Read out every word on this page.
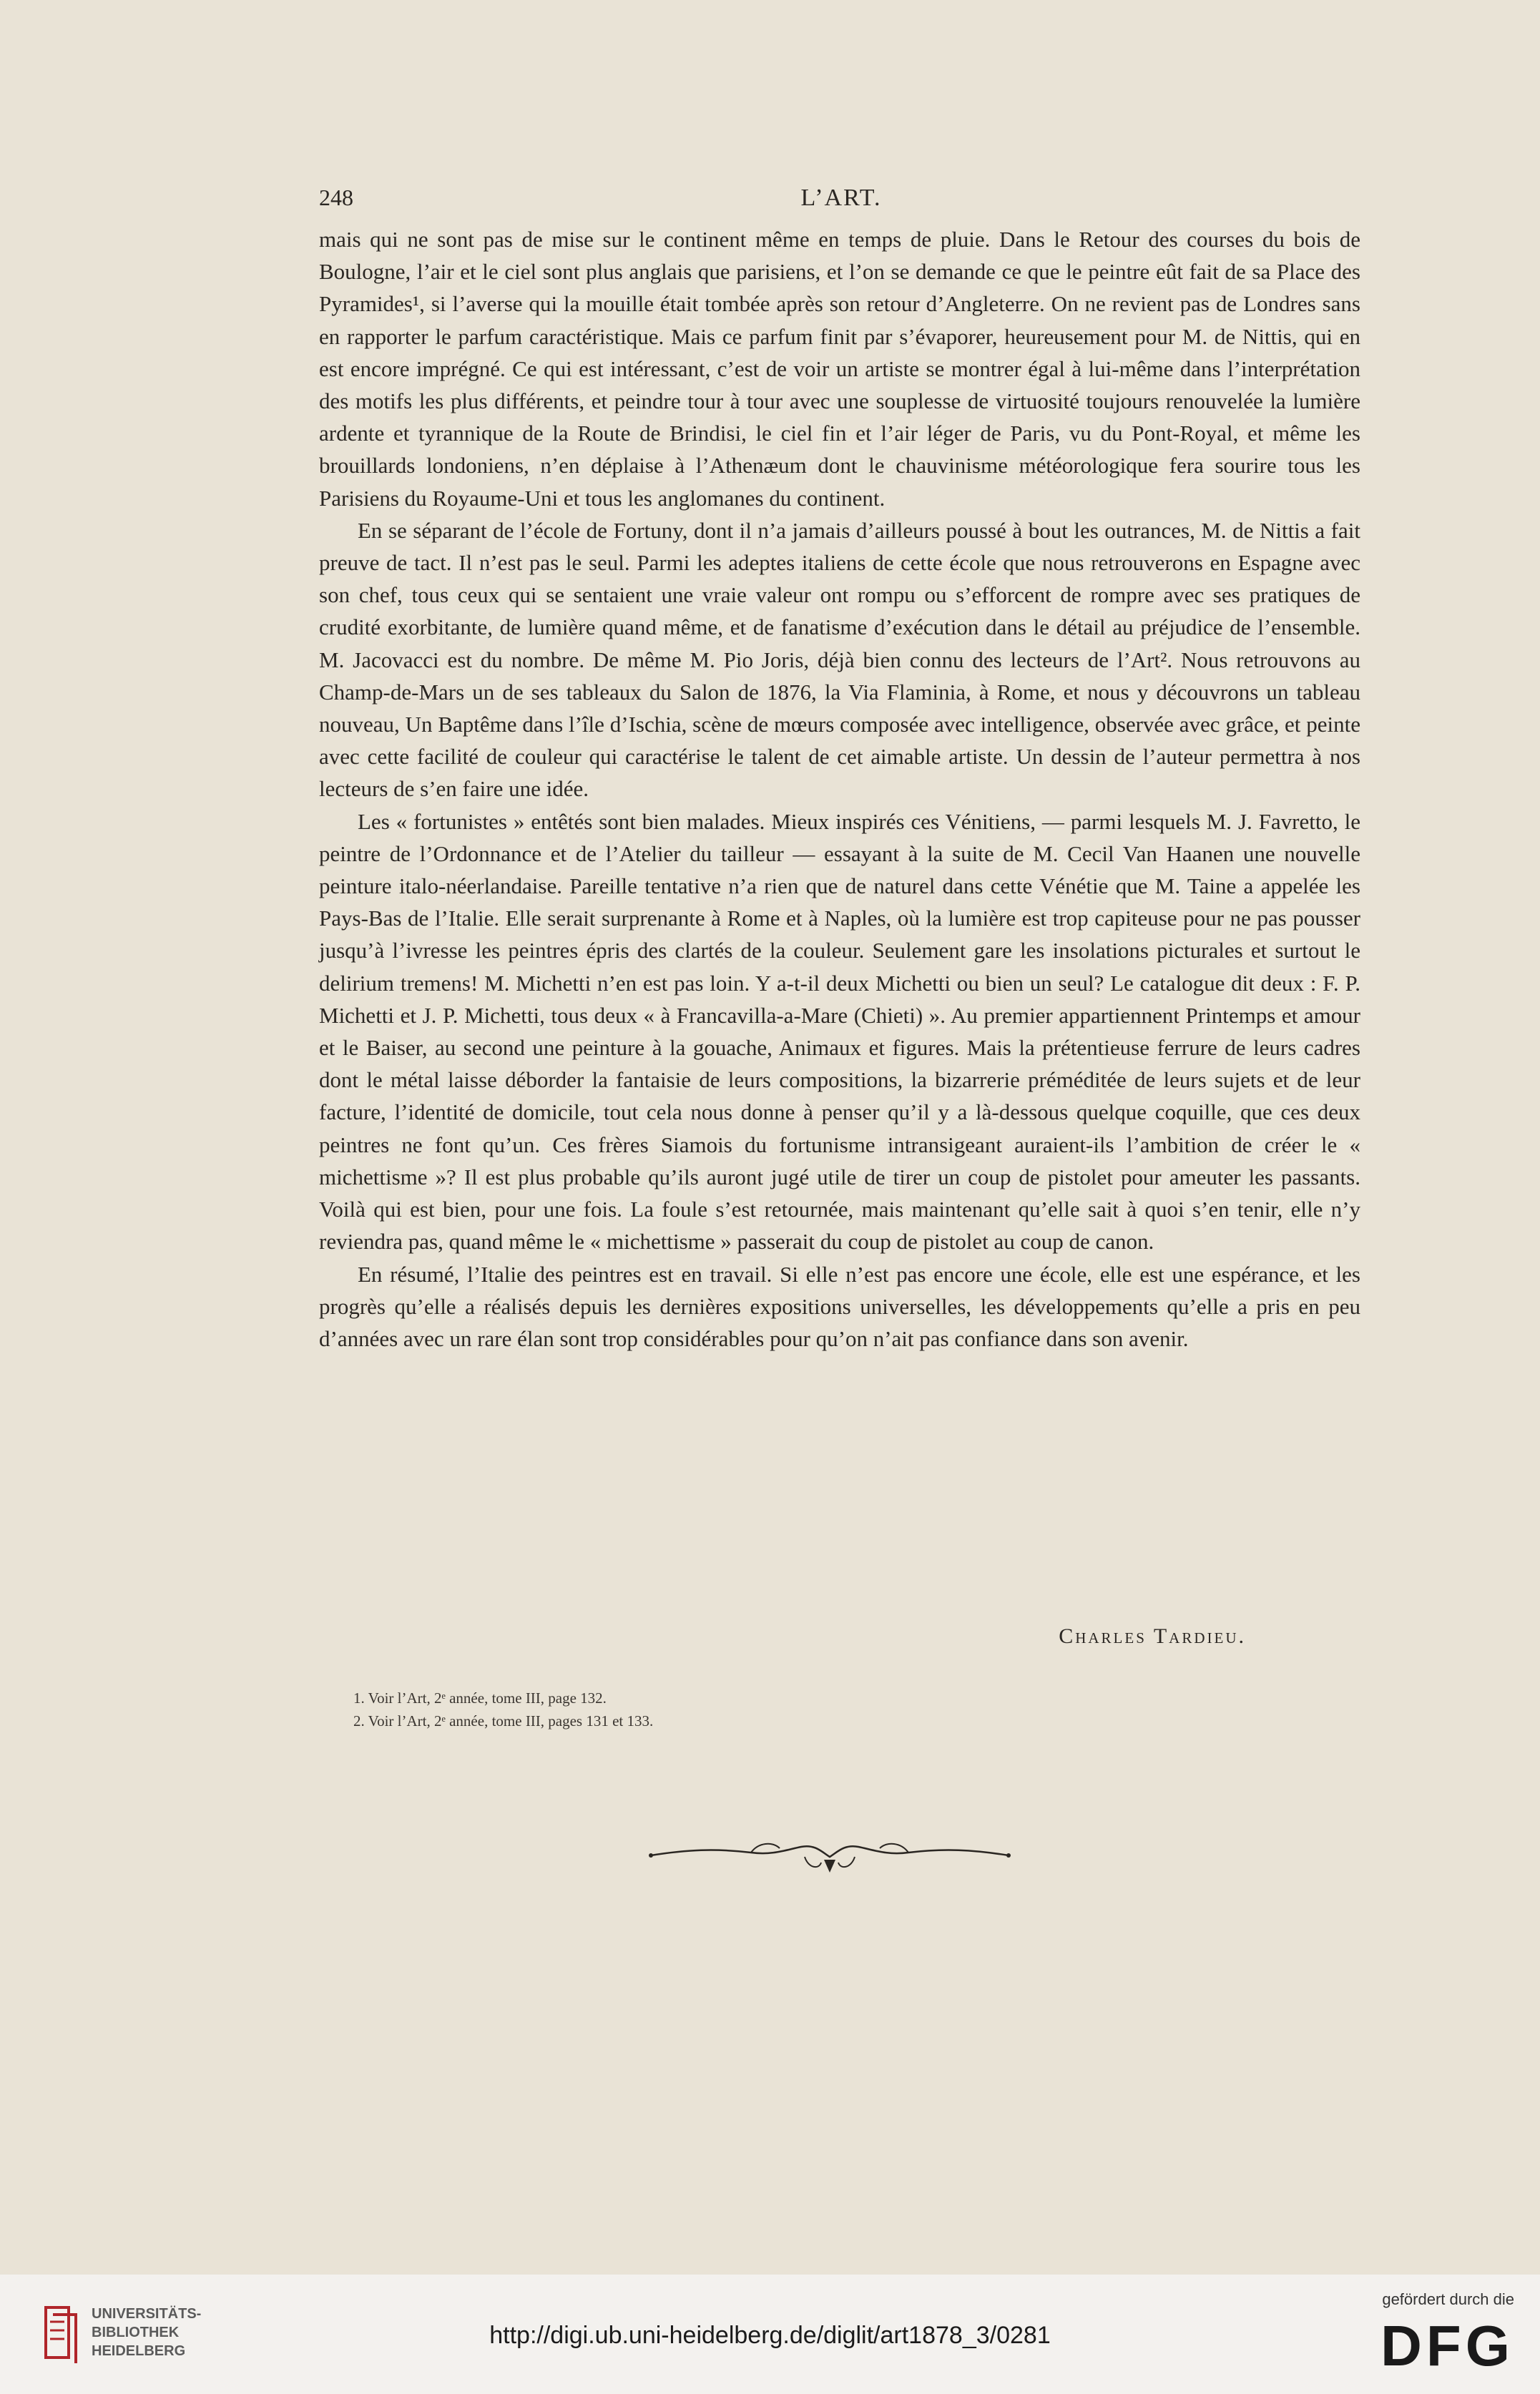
248	L’ART.

mais qui ne sont pas de mise sur le continent même en temps de pluie. Dans le Retour des courses du bois de Boulogne, l’air et le ciel sont plus anglais que parisiens, et l’on se demande ce que le peintre eût fait de sa Place des Pyramides¹, si l’averse qui la mouille était tombée après son retour d’Angleterre. On ne revient pas de Londres sans en rapporter le parfum caractéristique. Mais ce parfum finit par s’évaporer, heureusement pour M. de Nittis, qui en est encore imprégné. Ce qui est intéressant, c’est de voir un artiste se montrer égal à lui-même dans l’interprétation des motifs les plus différents, et peindre tour à tour avec une souplesse de virtuosité toujours renouvelée la lumière ardente et tyrannique de la Route de Brindisi, le ciel fin et l’air léger de Paris, vu du Pont-Royal, et même les brouillards londoniens, n’en déplaise à l’Athenæum dont le chauvinisme météorologique fera sourire tous les Parisiens du Royaume-Uni et tous les anglomanes du continent.

En se séparant de l’école de Fortuny, dont il n’a jamais d’ailleurs poussé à bout les outrances, M. de Nittis a fait preuve de tact. Il n’est pas le seul. Parmi les adeptes italiens de cette école que nous retrouverons en Espagne avec son chef, tous ceux qui se sentaient une vraie valeur ont rompu ou s’efforcent de rompre avec ses pratiques de crudité exorbitante, de lumière quand même, et de fanatisme d’exécution dans le détail au préjudice de l’ensemble. M. Jacovacci est du nombre. De même M. Pio Joris, déjà bien connu des lecteurs de l’Art². Nous retrouvons au Champ-de-Mars un de ses tableaux du Salon de 1876, la Via Flaminia, à Rome, et nous y découvrons un tableau nouveau, Un Baptême dans l’île d’Ischia, scène de mœurs composée avec intelligence, observée avec grâce, et peinte avec cette facilité de couleur qui caractérise le talent de cet aimable artiste. Un dessin de l’auteur permettra à nos lecteurs de s’en faire une idée.

Les « fortunistes » entêtés sont bien malades. Mieux inspirés ces Vénitiens, — parmi lesquels M. J. Favretto, le peintre de l’Ordonnance et de l’Atelier du tailleur — essayant à la suite de M. Cecil Van Haanen une nouvelle peinture italo-néerlandaise. Pareille tentative n’a rien que de naturel dans cette Vénétie que M. Taine a appelée les Pays-Bas de l’Italie. Elle serait surprenante à Rome et à Naples, où la lumière est trop capiteuse pour ne pas pousser jusqu’à l’ivresse les peintres épris des clartés de la couleur. Seulement gare les insolations picturales et surtout le delirium tremens! M. Michetti n’en est pas loin. Y a-t-il deux Michetti ou bien un seul? Le catalogue dit deux : F. P. Michetti et J. P. Michetti, tous deux « à Francavilla-a-Mare (Chieti) ». Au premier appartiennent Printemps et amour et le Baiser, au second une peinture à la gouache, Animaux et figures. Mais la prétentieuse ferrure de leurs cadres dont le métal laisse déborder la fantaisie de leurs compositions, la bizarrerie préméditée de leurs sujets et de leur facture, l’identité de domicile, tout cela nous donne à penser qu’il y a là-dessous quelque coquille, que ces deux peintres ne font qu’un. Ces frères Siamois du fortunisme intransigeant auraient-ils l’ambition de créer le « michettisme »? Il est plus probable qu’ils auront jugé utile de tirer un coup de pistolet pour ameuter les passants. Voilà qui est bien, pour une fois. La foule s’est retournée, mais maintenant qu’elle sait à quoi s’en tenir, elle n’y reviendra pas, quand même le « michettisme » passerait du coup de pistolet au coup de canon.

En résumé, l’Italie des peintres est en travail. Si elle n’est pas encore une école, elle est une espérance, et les progrès qu’elle a réalisés depuis les dernières expositions universelles, les développements qu’elle a pris en peu d’années avec un rare élan sont trop considérables pour qu’on n’ait pas confiance dans son avenir.

Charles Tardieu.
1. Voir l’Art, 2ᵉ année, tome III, page 132.
2. Voir l’Art, 2ᵉ année, tome III, pages 131 et 133.
UNIVERSITÄTS-
BIBLIOTHEK
HEIDELBERG
http://digi.ub.uni-heidelberg.de/diglit/art1878_3/0281
gefördert durch die
DFG
